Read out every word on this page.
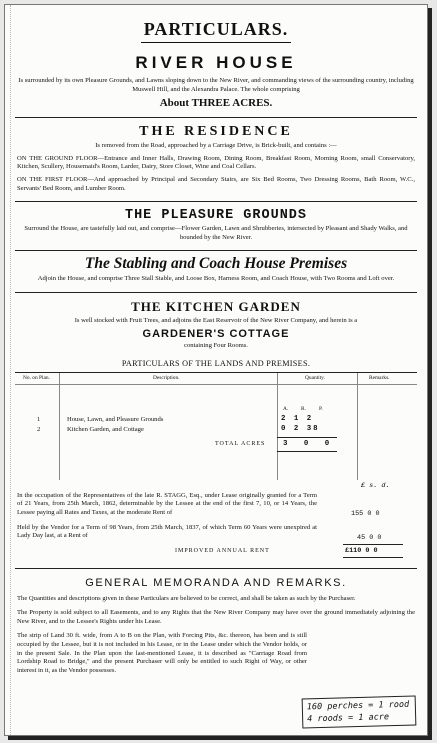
PARTICULARS.
RIVER HOUSE
Is surrounded by its own Pleasure Grounds, and Lawns sloping down to the New River, and commanding views of the surrounding country, including Muswell Hill, and the Alexandra Palace. The whole comprising
About THREE ACRES.
THE RESIDENCE
Is removed from the Road, approached by a Carriage Drive, is Brick-built, and contains :—
ON THE GROUND FLOOR—Entrance and Inner Halls, Drawing Room, Dining Room, Breakfast Room, Morning Room, small Conservatory, Kitchen, Scullery, Housemaid's Room, Larder, Dairy, Store Closet, Wine and Coal Cellars.
ON THE FIRST FLOOR—And approached by Principal and Secondary Stairs, are Six Bed Rooms, Two Dressing Rooms, Bath Room, W.C., Servants' Bed Room, and Lumber Room.
THE PLEASURE GROUNDS
Surround the House, are tastefully laid out, and comprise—Flower Garden, Lawn and Shrubberies, intersected by Pleasant and Shady Walks, and bounded by the New River.
The Stabling and Coach House Premises
Adjoin the House, and comprise Three Stall Stable, and Loose Box, Harness Room, and Coach House, with Two Rooms and Loft over.
THE KITCHEN GARDEN
Is well stocked with Fruit Trees, and adjoins the East Reservoir of the New River Company, and herein is a
GARDENER'S COTTAGE
containing Four Rooms.
PARTICULARS OF THE LANDS AND PREMISES.
No. on Plan.	Description.	Quantity.	Remarks.
A. R. P.
1	House, Lawn, and Pleasure Grounds	2 1 2
2	Kitchen Garden, and Cottage	0 2 38
TOTAL ACRES 3 0 0
£ s. d.
In the occupation of the Representatives of the late R. STAGG, Esq., under Lease originally granted for a Term of 21 Years, from 25th March, 1862, determinable by the Lessee at the end of the first 7, 10, or 14 Years, the Lessee paying all Rates and Taxes, at the moderate Rent of	155 0 0
Held by the Vendor for a Term of 98 Years, from 25th March, 1837, of which Term 60 Years were unexpired at Lady Day last, at a Rent of	45 0 0
IMPROVED ANNUAL RENT	£110 0 0
GENERAL MEMORANDA AND REMARKS.
The Quantities and descriptions given in these Particulars are believed to be correct, and shall be taken as such by the Purchaser.
The Property is sold subject to all Easements, and to any Rights that the New River Company may have over the ground immediately adjoining the New River, and to the Lessee's Rights under his Lease.
The strip of Land 30 ft. wide, from A to B on the Plan, with Forcing Pits, &c. thereon, has been and is still occupied by the Lessee, but it is not included in his Lease, or in the Lease under which the Vendor holds, or in the present Sale. In the Plan upon the last-mentioned Lease, it is described as "Carriage Road from Lordship Road to Bridge," and the present Purchaser will only be entitled to such Right of Way, or other interest in it, as the Vendor possesses.
160 perches = 1 rood
4 roods = 1 acre
